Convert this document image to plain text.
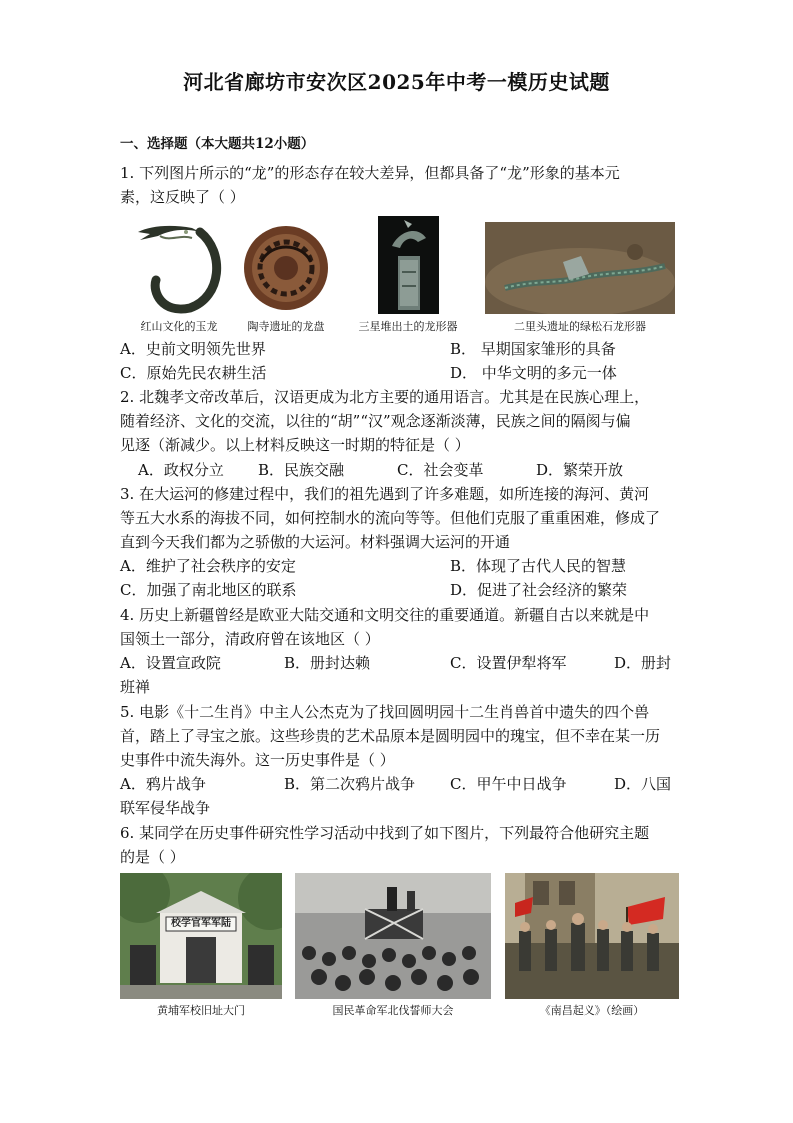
河北省廊坊市安次区2025年中考一模历史试题
一、选择题（本大题共12小题）
1. 下列图片所示的“龙”的形态存在较大差异，但都具备了“龙”形象的基本元
素，这反映了（ ）
红山文化的玉龙	陶寺遗址的龙盘	三星堆出土的龙形器	二里头遗址的绿松石龙形器
A．史前文明领先世界	B． 早期国家雏形的具备
C．原始先民农耕生活	D． 中华文明的多元一体
2. 北魏孝文帝改革后，汉语更成为北方主要的通用语言。尤其是在民族心理上，
随着经济、文化的交流，以往的“胡”“汉”观念逐渐淡薄，民族之间的隔阂与偏
见逐（渐减少。以上材料反映这一时期的特征是（ ）
A．政权分立 B．民族交融	C．社会变革	D．繁荣开放
3. 在大运河的修建过程中，我们的祖先遇到了许多难题，如所连接的海河、黄河
等五大水系的海拔不同，如何控制水的流向等等。但他们克服了重重困难，修成了
直到今天我们都为之骄傲的大运河。材料强调大运河的开通
A．维护了社会秩序的安定	B．体现了古代人民的智慧
C．加强了南北地区的联系	D．促进了社会经济的繁荣
4. 历史上新疆曾经是欧亚大陆交通和文明交往的重要通道。新疆自古以来就是中
国领土一部分，清政府曾在该地区（ ）
A．设置宣政院	B．册封达赖	C．设置伊犁将军	D．册封
班禅
5. 电影《十二生肖》中主人公杰克为了找回圆明园十二生肖兽首中遗失的四个兽
首，踏上了寻宝之旅。这些珍贵的艺术品原本是圆明园中的瑰宝，但不幸在某一历
史事件中流失海外。这一历史事件是（ ）
A．鸦片战争	B．第二次鸦片战争 C．甲午中日战争	D．八国
联军侵华战争
6. 某同学在历史事件研究性学习活动中找到了如下图片，下列最符合他研究主题
的是（ ）
校学官军军陆
黄埔军校旧址大门	国民革命军北伐誓师大会	《南昌起义》（绘画）
